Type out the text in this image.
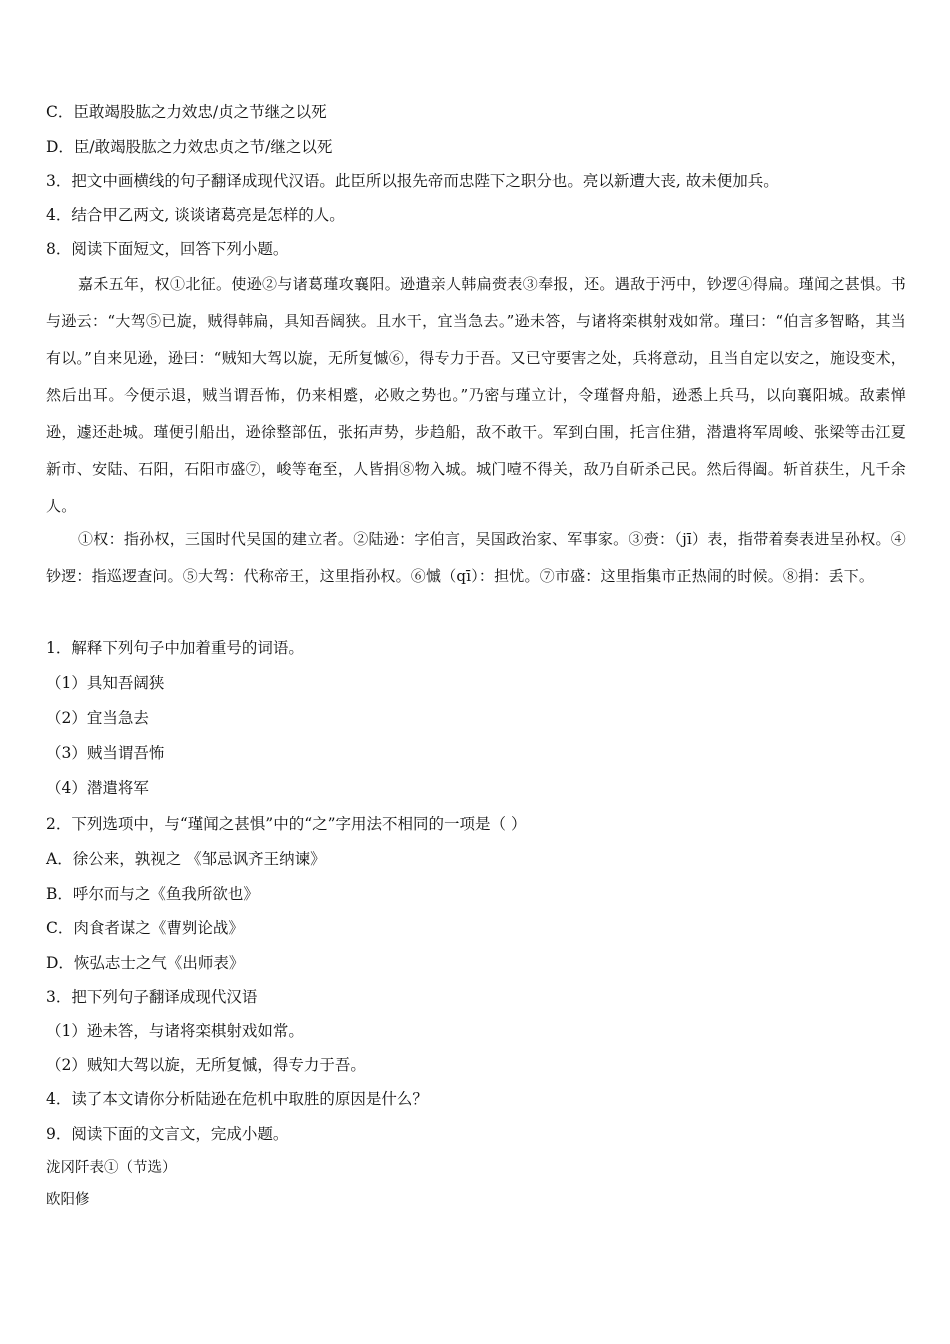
C．臣敢竭股肱之力效忠/贞之节继之以死
D．臣/敢竭股肱之力效忠贞之节/继之以死
3．把文中画横线的句子翻译成现代汉语。此臣所以报先帝而忠陛下之职分也。亮以新遭大丧, 故未便加兵。
4．结合甲乙两文, 谈谈诸葛亮是怎样的人。
8．阅读下面短文，回答下列小题。
嘉禾五年，权①北征。使逊②与诸葛瑾攻襄阳。逊遣亲人韩扁赍表③奉报，还。遇敌于沔中，钞逻④得扁。瑾闻之甚惧。书与逊云：“大驾⑤已旋，贼得韩扁，具知吾阔狭。且水干，宜当急去。”逊未答，与诸将栾棋射戏如常。瑾曰：“伯言多智略，其当有以。”自来见逊，逊曰：“贼知大驾以旋，无所复慽⑥，得专力于吾。又已守要害之处，兵将意动，且当自定以安之，施设变术，然后出耳。今便示退，贼当谓吾怖，仍来相蹙，必败之势也。”乃密与瑾立计，令瑾督舟船，逊悉上兵马，以向襄阳城。敌素惮逊，遽还赴城。瑾便引船出，逊徐整部伍，张拓声势，步趋船，敌不敢干。军到白围，托言住猎，潜遣将军周峻、张梁等击江夏新市、安陆、石阳，石阳市盛⑦，峻等奄至，人皆捐⑧物入城。城门噎不得关，敌乃自斫杀己民。然后得阖。斩首获生，凡千余人。
①权：指孙权，三国时代吴国的建立者。②陆逊：字伯言，吴国政治家、军事家。③赍：（jī）表，指带着奏表进呈孙权。④钞逻：指巡逻查问。⑤大驾：代称帝王，这里指孙权。⑥慽（qī）：担忧。⑦市盛：这里指集市正热闹的时候。⑧捐：丢下。
1．解释下列句子中加着重号的词语。
（1）具知吾阔狭
（2）宜当急去
（3）贼当谓吾怖
（4）潜遣将军
2．下列选项中，与“瑾闻之甚惧”中的“之”字用法不相同的一项是（ ）
A．徐公来，孰视之 《邹忌讽齐王纳谏》
B．呼尔而与之《鱼我所欲也》
C．肉食者谋之《曹刿论战》
D．恢弘志士之气《出师表》
3．把下列句子翻译成现代汉语
（1）逊未答，与诸将栾棋射戏如常。
（2）贼知大驾以旋，无所复慽，得专力于吾。
4．读了本文请你分析陆逊在危机中取胜的原因是什么？
9．阅读下面的文言文，完成小题。
泷冈阡表①（节选）
欧阳修
